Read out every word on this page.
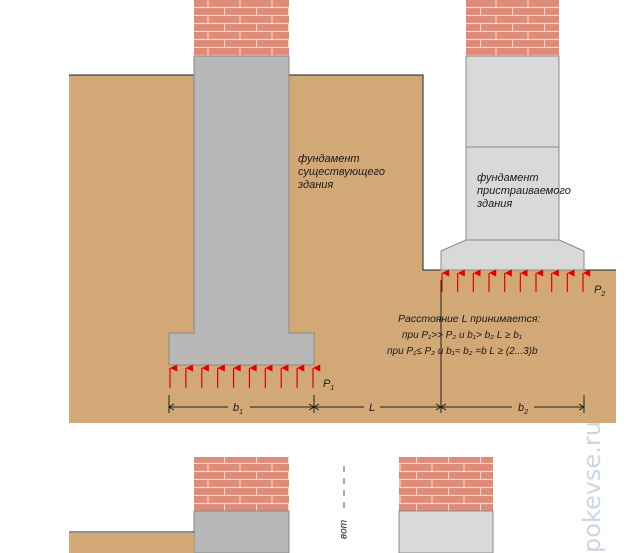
фундамент существующего здания
фундамент пристраиваемого здания
$P_1$
$P_2$
Расстояние L принимается:
при P₁>> P₂ и b₁> b₂ L ≥ b₁
при P₁≤ P₂ и b₁≈ b₂ =b L ≥ (2...3)b
$b_1$	L	$b_2$
шов	pokevse.ru
